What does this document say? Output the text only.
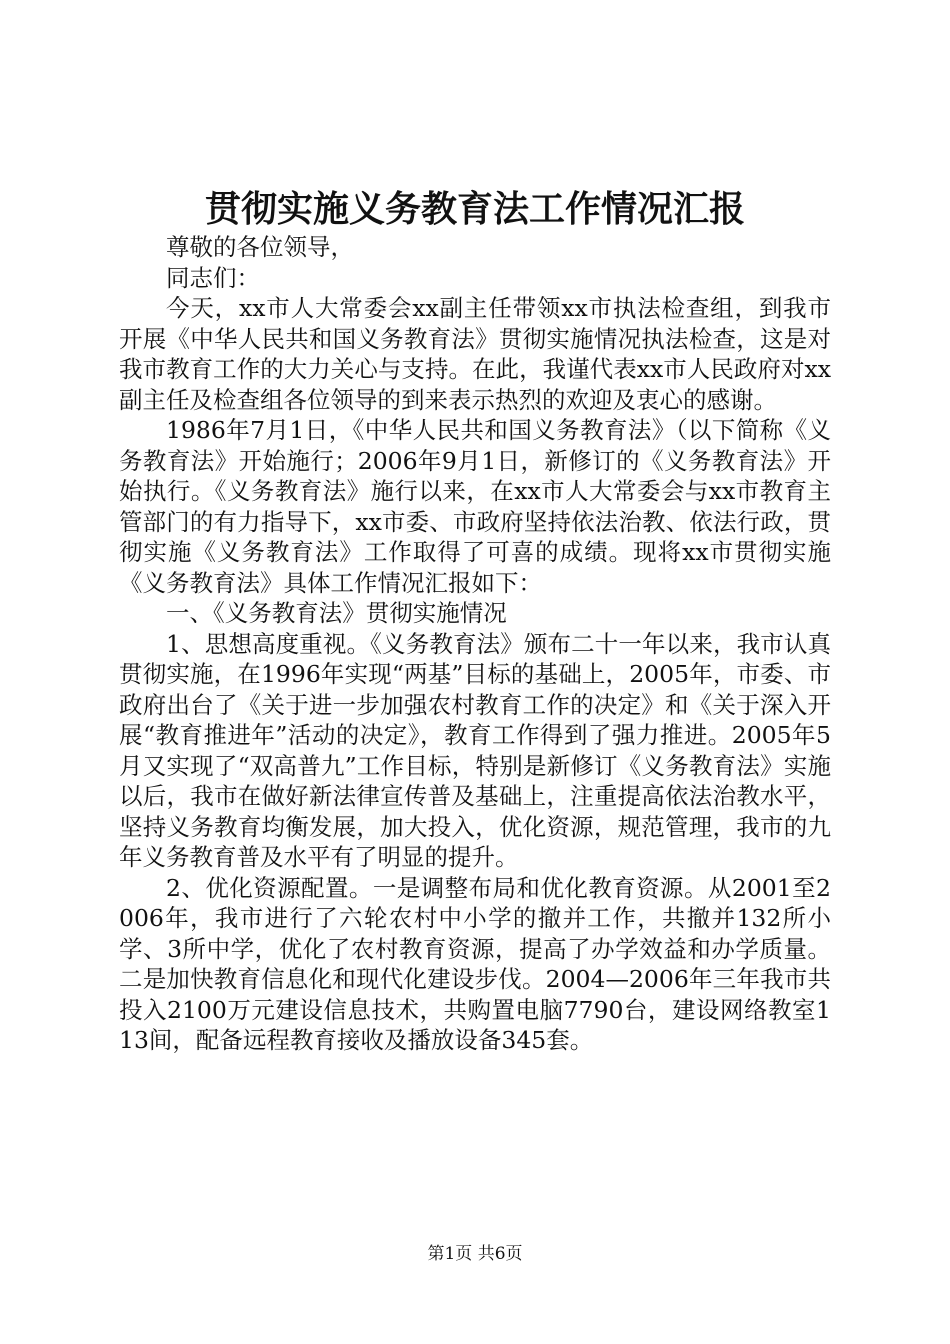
贯彻实施义务教育法工作情况汇报

尊敬的各位领导，

同志们：

今天，xx市人大常委会xx副主任带领xx市执法检查组，到我市开展《中华人民共和国义务教育法》贯彻实施情况执法检查，这是对我市教育工作的大力关心与支持。在此，我谨代表xx市人民政府对xx副主任及检查组各位领导的到来表示热烈的欢迎及衷心的感谢。

1986年7月1日，《中华人民共和国义务教育法》（以下简称《义务教育法》开始施行；2006年9月1日，新修订的《义务教育法》开始执行。《义务教育法》施行以来，在xx市人大常委会与xx市教育主管部门的有力指导下，xx市委、市政府坚持依法治教、依法行政，贯彻实施《义务教育法》工作取得了可喜的成绩。现将xx市贯彻实施《义务教育法》具体工作情况汇报如下：

一、《义务教育法》贯彻实施情况

1、思想高度重视。《义务教育法》颁布二十一年以来，我市认真贯彻实施，在1996年实现“两基”目标的基础上，2005年，市委、市政府出台了《关于进一步加强农村教育工作的决定》和《关于深入开展“教育推进年”活动的决定》，教育工作得到了强力推进。2005年5月又实现了“双高普九”工作目标，特别是新修订《义务教育法》实施以后，我市在做好新法律宣传普及基础上，注重提高依法治教水平，坚持义务教育均衡发展，加大投入，优化资源，规范管理，我市的九年义务教育普及水平有了明显的提升。

2、优化资源配置。一是调整布局和优化教育资源。从2001至2006年，我市进行了六轮农村中小学的撤并工作，共撤并132所小学、3所中学，优化了农村教育资源，提高了办学效益和办学质量。二是加快教育信息化和现代化建设步伐。2004—2006年三年我市共投入2100万元建设信息技术，共购置电脑7790台，建设网络教室113间，配备远程教育接收及播放设备345套。

第1页 共6页
